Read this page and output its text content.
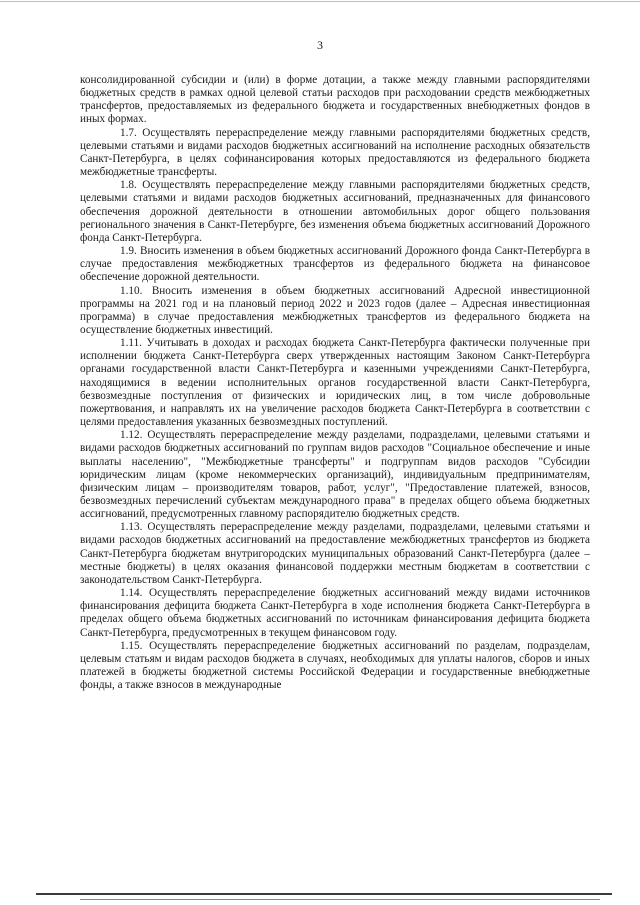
3

консолидированной субсидии и (или) в форме дотации, а также между главными распорядителями бюджетных средств в рамках одной целевой статьи расходов при расходовании средств межбюджетных трансфертов, предоставляемых из федерального бюджета и государственных внебюджетных фондов в иных формах.

1.7. Осуществлять перераспределение между главными распорядителями бюджетных средств, целевыми статьями и видами расходов бюджетных ассигнований на исполнение расходных обязательств Санкт-Петербурга, в целях софинансирования которых предоставляются из федерального бюджета межбюджетные трансферты.

1.8. Осуществлять перераспределение между главными распорядителями бюджетных средств, целевыми статьями и видами расходов бюджетных ассигнований, предназначенных для финансового обеспечения дорожной деятельности в отношении автомобильных дорог общего пользования регионального значения в Санкт-Петербурге, без изменения объема бюджетных ассигнований Дорожного фонда Санкт-Петербурга.

1.9. Вносить изменения в объем бюджетных ассигнований Дорожного фонда Санкт-Петербурга в случае предоставления межбюджетных трансфертов из федерального бюджета на финансовое обеспечение дорожной деятельности.

1.10. Вносить изменения в объем бюджетных ассигнований Адресной инвестиционной программы на 2021 год и на плановый период 2022 и 2023 годов (далее – Адресная инвестиционная программа) в случае предоставления межбюджетных трансфертов из федерального бюджета на осуществление бюджетных инвестиций.

1.11. Учитывать в доходах и расходах бюджета Санкт-Петербурга фактически полученные при исполнении бюджета Санкт-Петербурга сверх утвержденных настоящим Законом Санкт-Петербурга органами государственной власти Санкт-Петербурга и казенными учреждениями Санкт-Петербурга, находящимися в ведении исполнительных органов государственной власти Санкт-Петербурга, безвозмездные поступления от физических и юридических лиц, в том числе добровольные пожертвования, и направлять их на увеличение расходов бюджета Санкт-Петербурга в соответствии с целями предоставления указанных безвозмездных поступлений.

1.12. Осуществлять перераспределение между разделами, подразделами, целевыми статьями и видами расходов бюджетных ассигнований по группам видов расходов "Социальное обеспечение и иные выплаты населению", "Межбюджетные трансферты" и подгруппам видов расходов "Субсидии юридическим лицам (кроме некоммерческих организаций), индивидуальным предпринимателям, физическим лицам – производителям товаров, работ, услуг", "Предоставление платежей, взносов, безвозмездных перечислений субъектам международного права" в пределах общего объема бюджетных ассигнований, предусмотренных главному распорядителю бюджетных средств.

1.13. Осуществлять перераспределение между разделами, подразделами, целевыми статьями и видами расходов бюджетных ассигнований на предоставление межбюджетных трансфертов из бюджета Санкт-Петербурга бюджетам внутригородских муниципальных образований Санкт-Петербурга (далее – местные бюджеты) в целях оказания финансовой поддержки местным бюджетам в соответствии с законодательством Санкт-Петербурга.

1.14. Осуществлять перераспределение бюджетных ассигнований между видами источников финансирования дефицита бюджета Санкт-Петербурга в ходе исполнения бюджета Санкт-Петербурга в пределах общего объема бюджетных ассигнований по источникам финансирования дефицита бюджета Санкт-Петербурга, предусмотренных в текущем финансовом году.

1.15. Осуществлять перераспределение бюджетных ассигнований по разделам, подразделам, целевым статьям и видам расходов бюджета в случаях, необходимых для уплаты налогов, сборов и иных платежей в бюджеты бюджетной системы Российской Федерации и государственные внебюджетные фонды, а также взносов в международные
